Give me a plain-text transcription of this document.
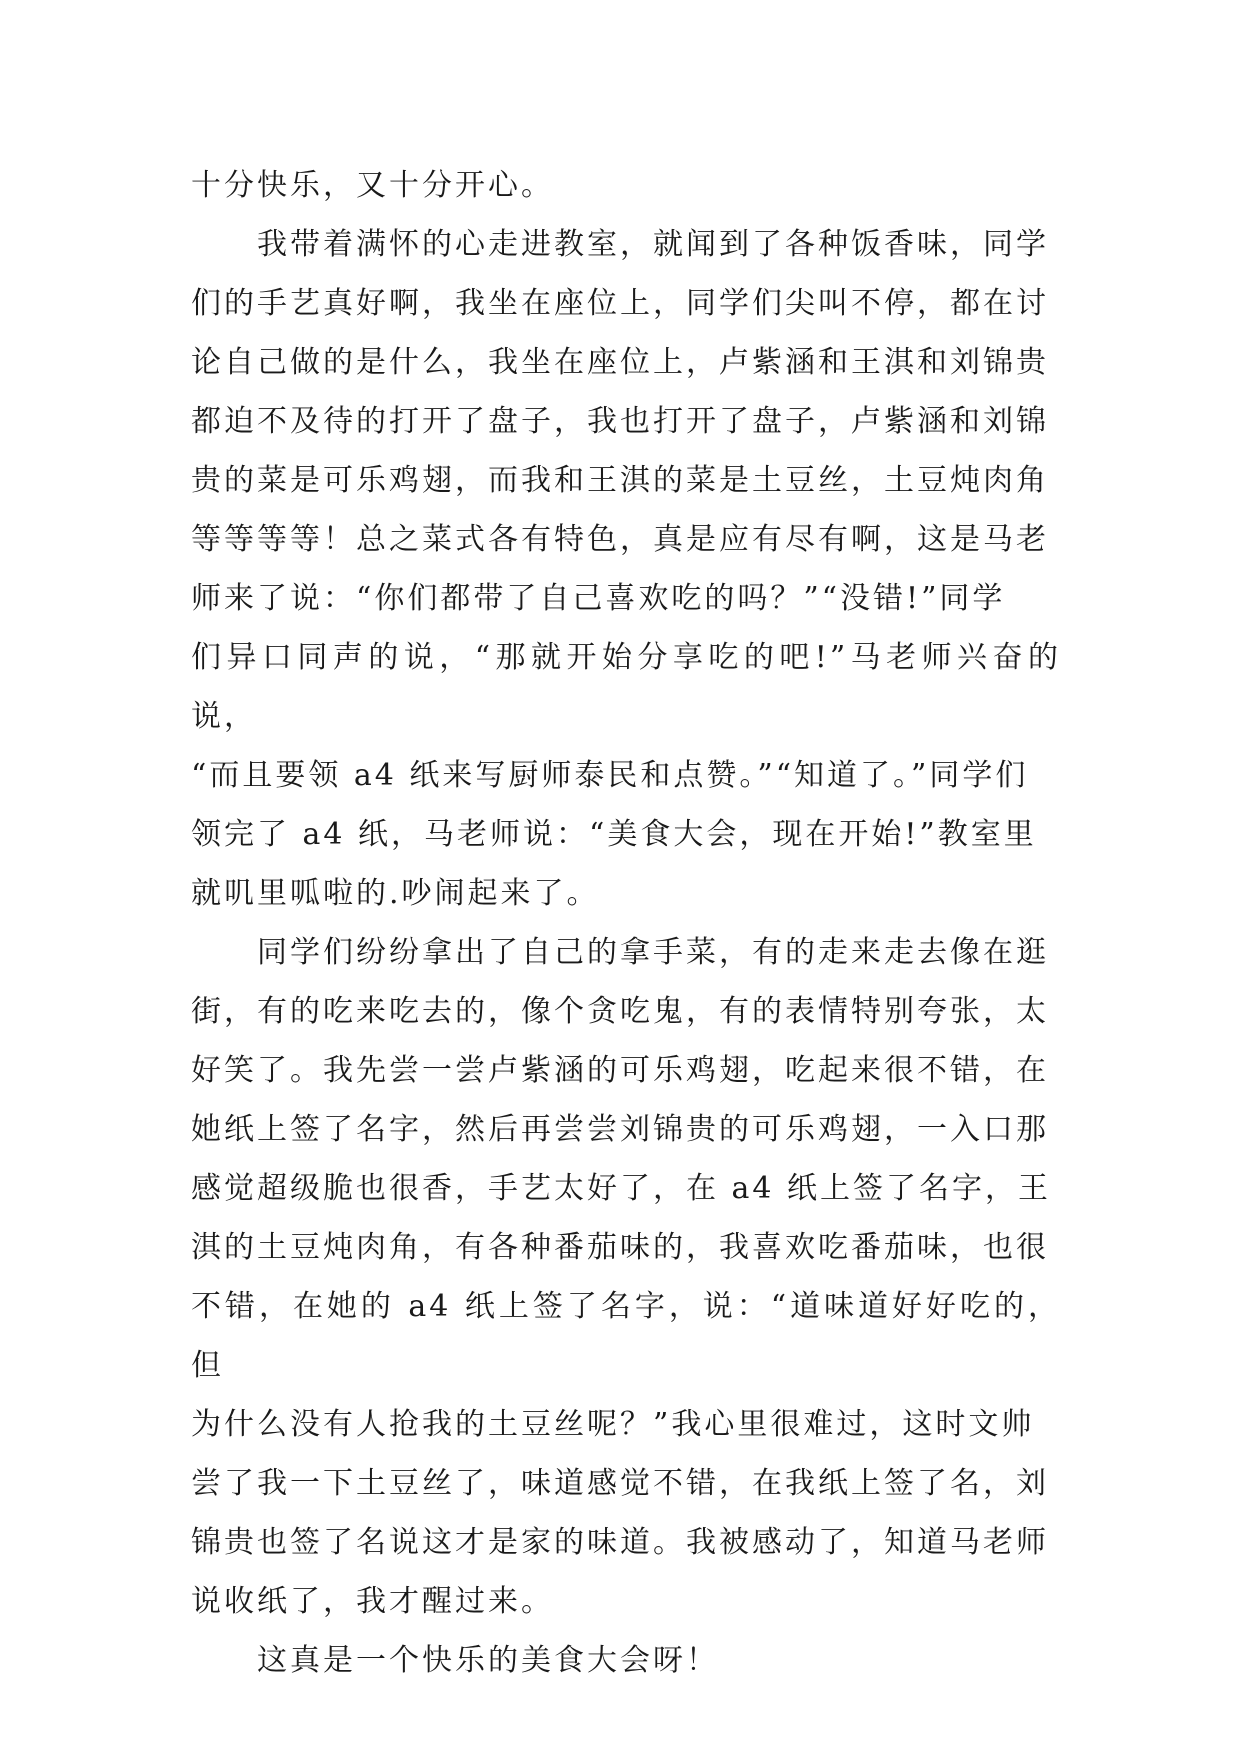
十分快乐，又十分开心。

我带着满怀的心走进教室，就闻到了各种饭香味，同学
们的手艺真好啊，我坐在座位上，同学们尖叫不停，都在讨
论自己做的是什么，我坐在座位上，卢紫涵和王淇和刘锦贵
都迫不及待的打开了盘子，我也打开了盘子，卢紫涵和刘锦
贵的菜是可乐鸡翅，而我和王淇的菜是土豆丝，土豆炖肉角
等等等等！总之菜式各有特色，真是应有尽有啊，这是马老
师来了说：“你们都带了自己喜欢吃的吗？”“没错!”同学
们异口同声的说，“那就开始分享吃的吧!”马老师兴奋的说，
“而且要领 a4 纸来写厨师泰民和点赞。”“知道了。”同学们
领完了 a4 纸，马老师说：“美食大会，现在开始!”教室里
就叽里呱啦的.吵闹起来了。

同学们纷纷拿出了自己的拿手菜，有的走来走去像在逛
街，有的吃来吃去的，像个贪吃鬼，有的表情特别夸张，太
好笑了。我先尝一尝卢紫涵的可乐鸡翅，吃起来很不错，在
她纸上签了名字，然后再尝尝刘锦贵的可乐鸡翅，一入口那
感觉超级脆也很香，手艺太好了，在 a4 纸上签了名字，王
淇的土豆炖肉角，有各种番茄味的，我喜欢吃番茄味，也很
不错，在她的 a4 纸上签了名字，说：“道味道好好吃的，但
为什么没有人抢我的土豆丝呢？”我心里很难过，这时文帅
尝了我一下土豆丝了，味道感觉不错，在我纸上签了名，刘
锦贵也签了名说这才是家的味道。我被感动了，知道马老师
说收纸了，我才醒过来。

这真是一个快乐的美食大会呀！
